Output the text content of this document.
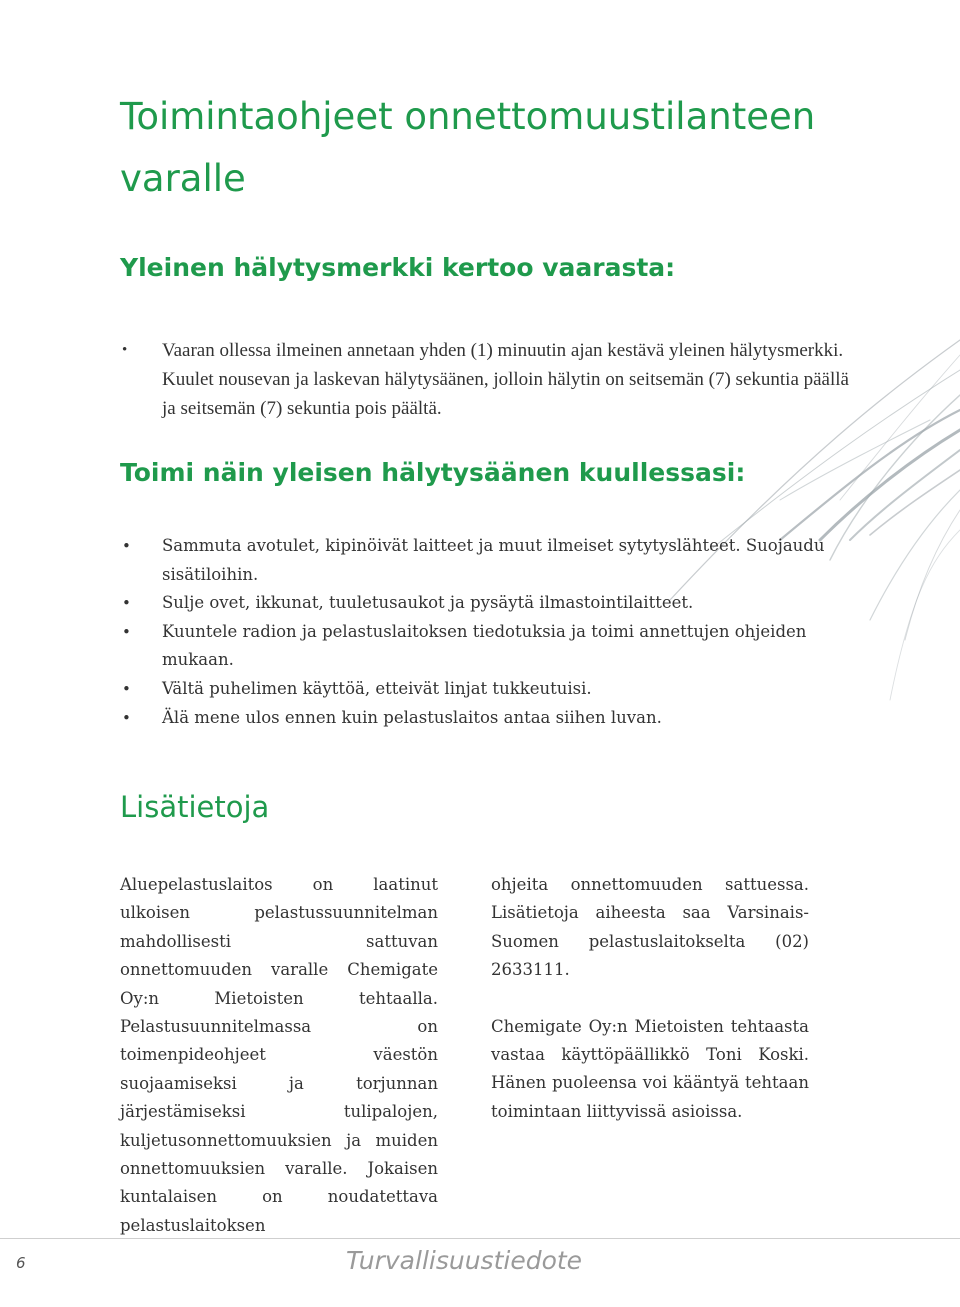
Toimintaohjeet onnettomuustilanteen
varalle
Yleinen hälytysmerkki kertoo vaarasta:
• Vaaran ollessa ilmeinen annetaan yhden (1) minuutin ajan kestävä yleinen hälytysmerkki. Kuulet nousevan ja laskevan hälytysäänen, jolloin hälytin on seitsemän (7) sekuntia päällä ja seitsemän (7) sekuntia pois päältä.
Toimi näin yleisen hälytysäänen kuullessasi:
• Sammuta avotulet, kipinöivät laitteet ja muut ilmeiset sytytyslähteet. Suojaudu sisätiloihin.
• Sulje ovet, ikkunat, tuuletusaukot ja pysäytä ilmastointilaitteet.
• Kuuntele radion ja pelastuslaitoksen tiedotuksia ja toimi annettujen ohjeiden mukaan.
• Vältä puhelimen käyttöä, etteivät linjat tukkeutuisi.
• Älä mene ulos ennen kuin pelastuslaitos antaa siihen luvan.
Lisätietoja

Aluepelastuslaitos on laatinut ulkoisen pelastussuunnitelman mahdollisesti sattuvan onnettomuuden varalle Chemigate Oy:n Mietoisten tehtaalla. Pelastusuunnitelmassa on toimenpideohjeet väestön suojaamiseksi ja torjunnan järjestämiseksi tulipalojen, kuljetusonnettomuuksien ja muiden onnettomuuksien varalle. Jokaisen kuntalaisen on noudatettava pelastuslaitoksen

ohjeita onnettomuuden sattuessa. Lisätietoja aiheesta saa Varsinais-Suomen pelastuslaitokselta (02) 2633111.

Chemigate Oy:n Mietoisten tehtaasta vastaa käyttöpäällikkö Toni Koski. Hänen puoleensa voi kääntyä tehtaan toimintaan liittyvissä asioissa.

6	Turvallisuustiedote
